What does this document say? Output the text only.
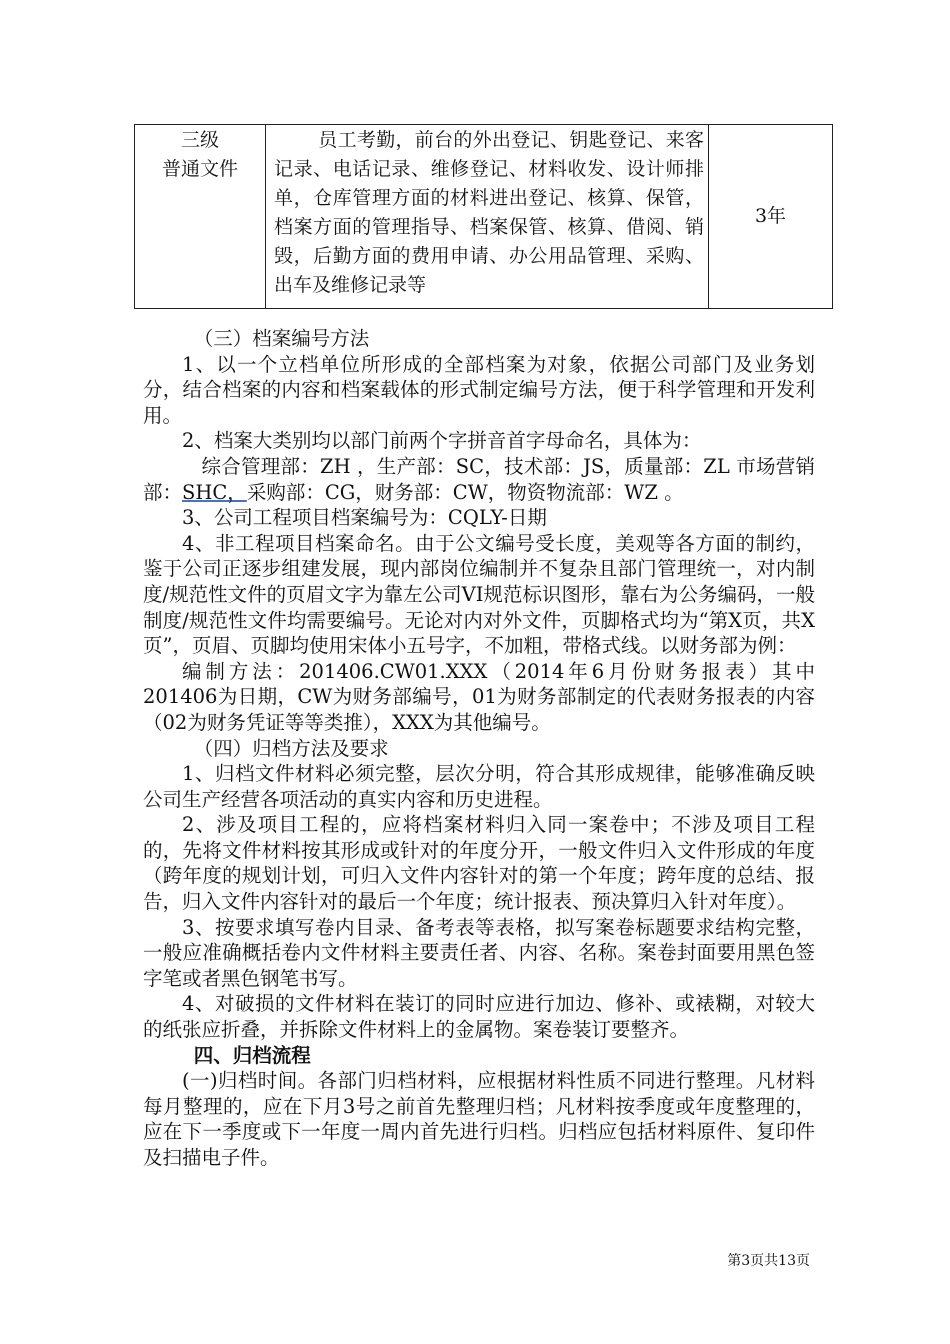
三级
普通文件
	员工考勤，前台的外出登记、钥匙登记、来客记录、电话记录、维修登记、材料收发、设计师排单，仓库管理方面的材料进出登记、核算、保管，档案方面的管理指导、档案保管、核算、借阅、销毁，后勤方面的费用申请、办公用品管理、采购、出车及维修记录等	3年

（三）档案编号方法

1、以一个立档单位所形成的全部档案为对象，依据公司部门及业务划分，结合档案的内容和档案载体的形式制定编号方法，便于科学管理和开发利用。

2、档案大类别均以部门前两个字拼音首字母命名，具体为：

综合管理部：ZH ，生产部：SC，技术部：JS，质量部：ZL 市场营销部：SHC，采购部：CG，财务部：CW，物资物流部：WZ 。

3、公司工程项目档案编号为：CQLY-日期

4、非工程项目档案命名。由于公文编号受长度，美观等各方面的制约，鉴于公司正逐步组建发展，现内部岗位编制并不复杂且部门管理统一，对内制度/规范性文件的页眉文字为靠左公司VI规范标识图形，靠右为公务编码，一般制度/规范性文件均需要编号。无论对内对外文件，页脚格式均为“第X页，共X页”，页眉、页脚均使用宋体小五号字，不加粗，带格式线。以财务部为例：

编制方法：201406.CW01.XXX（2014年6月份财务报表）其中201406为日期，CW为财务部编号，01为财务部制定的代表财务报表的内容（02为财务凭证等等类推），XXX为其他编号。

（四）归档方法及要求

1、归档文件材料必须完整，层次分明，符合其形成规律，能够准确反映公司生产经营各项活动的真实内容和历史进程。

2、涉及项目工程的，应将档案材料归入同一案卷中；不涉及项目工程的，先将文件材料按其形成或针对的年度分开，一般文件归入文件形成的年度（跨年度的规划计划，可归入文件内容针对的第一个年度；跨年度的总结、报告，归入文件内容针对的最后一个年度；统计报表、预决算归入针对年度）。

3、按要求填写卷内目录、备考表等表格，拟写案卷标题要求结构完整，一般应准确概括卷内文件材料主要责任者、内容、名称。案卷封面要用黑色签字笔或者黑色钢笔书写。

4、对破损的文件材料在装订的同时应进行加边、修补、或裱糊，对较大的纸张应折叠，并拆除文件材料上的金属物。案卷装订要整齐。

四、归档流程

(一)归档时间。各部门归档材料，应根据材料性质不同进行整理。凡材料每月整理的，应在下月3号之前首先整理归档；凡材料按季度或年度整理的，应在下一季度或下一年度一周内首先进行归档。归档应包括材料原件、复印件及扫描电子件。

第3页共13页
